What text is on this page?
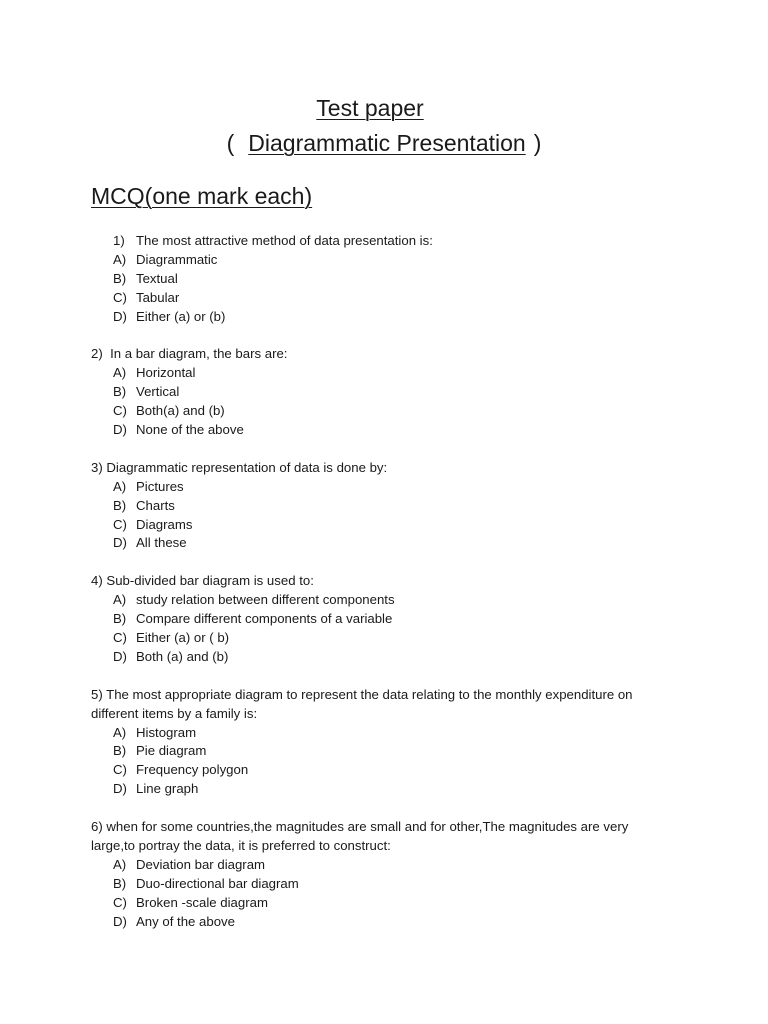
Test paper
( Diagrammatic Presentation )
MCQ(one mark each)
1) The most attractive method of data presentation is:
A) Diagrammatic
B) Textual
C) Tabular
D) Either (a) or (b)
2) In a bar diagram, the bars are:
A) Horizontal
B) Vertical
C) Both(a) and (b)
D) None of the above
3) Diagrammatic representation of data is done by:
A) Pictures
B) Charts
C) Diagrams
D) All these
4) Sub-divided bar diagram is used to:
A) study relation between different components
B) Compare different components of a variable
C) Either (a) or ( b)
D) Both (a) and (b)
5) The most appropriate diagram to represent the data relating to the monthly expenditure on different items by a family is:
A) Histogram
B) Pie diagram
C) Frequency polygon
D) Line graph
6) when for some countries,the magnitudes are small and for other,The magnitudes are very large,to portray the data, it is preferred to construct:
A) Deviation bar diagram
B) Duo-directional bar diagram
C) Broken -scale diagram
D) Any of the above
